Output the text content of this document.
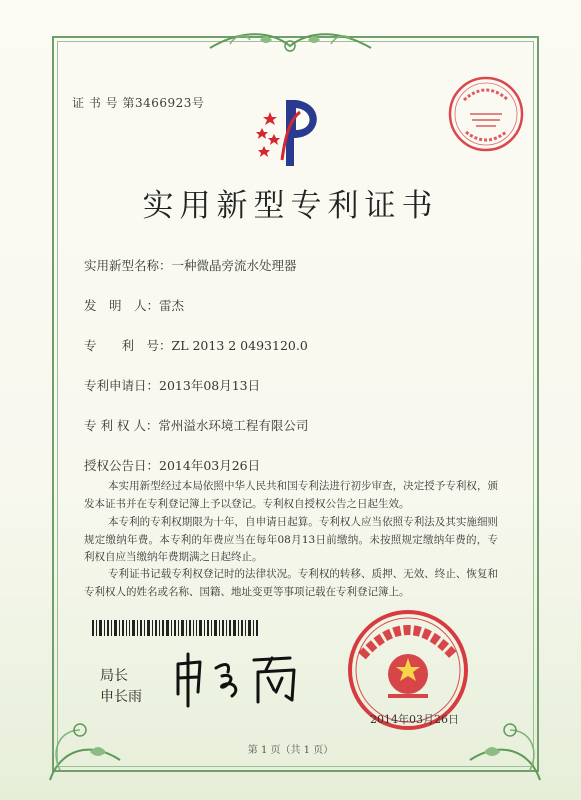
证 书 号 第3466923号
实用新型专利证书
实用新型名称：一种微晶旁流水处理器
发　明　人：雷杰
专　　利　号：ZL 2013 2 0493120.0
专利申请日：2013年08月13日
专 利 权 人：常州溢水环境工程有限公司
授权公告日：2014年03月26日
本实用新型经过本局依照中华人民共和国专利法进行初步审查，决定授予专利权，颁发本证书并在专利登记簿上予以登记。专利权自授权公告之日起生效。
本专利的专利权期限为十年，自申请日起算。专利权人应当依照专利法及其实施细则规定缴纳年费。本专利的年费应当在每年08月13日前缴纳。未按照规定缴纳年费的，专利权自应当缴纳年费期满之日起终止。
专利证书记载专利权登记时的法律状况。专利权的转移、质押、无效、终止、恢复和专利权人的姓名或名称、国籍、地址变更等事项记载在专利登记簿上。
局长
申长雨
2014年03月26日
第 1 页（共 1 页）
